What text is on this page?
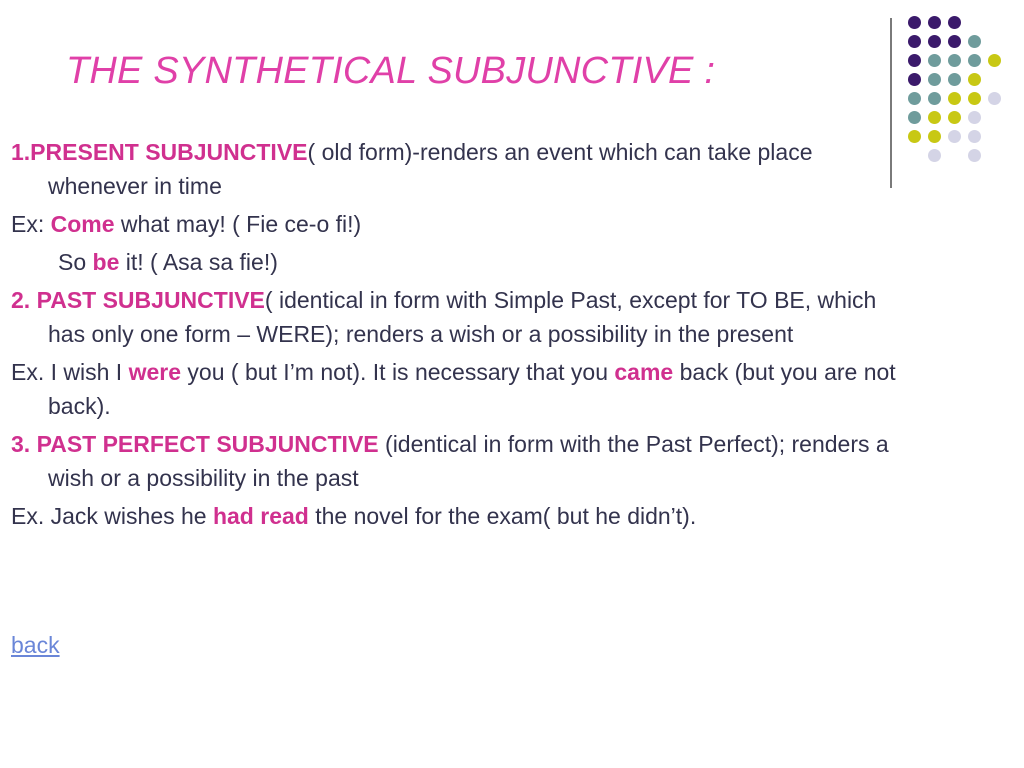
THE SYNTHETICAL SUBJUNCTIVE :

1.PRESENT SUBJUNCTIVE( old form)-renders an event which can take place whenever in time

Ex: Come what may! ( Fie ce-o fi!)

So be it! ( Asa sa fie!)

2. PAST SUBJUNCTIVE( identical in form with Simple Past, except for TO BE, which has only one form – WERE); renders a wish or a possibility in the present

Ex. I wish I were you ( but I’m not). It is necessary that you came back (but you are not back).

3. PAST PERFECT SUBJUNCTIVE (identical in form with the Past Perfect); renders a wish or a possibility in the past

Ex. Jack wishes he had read the novel for the exam( but he didn’t).

back
